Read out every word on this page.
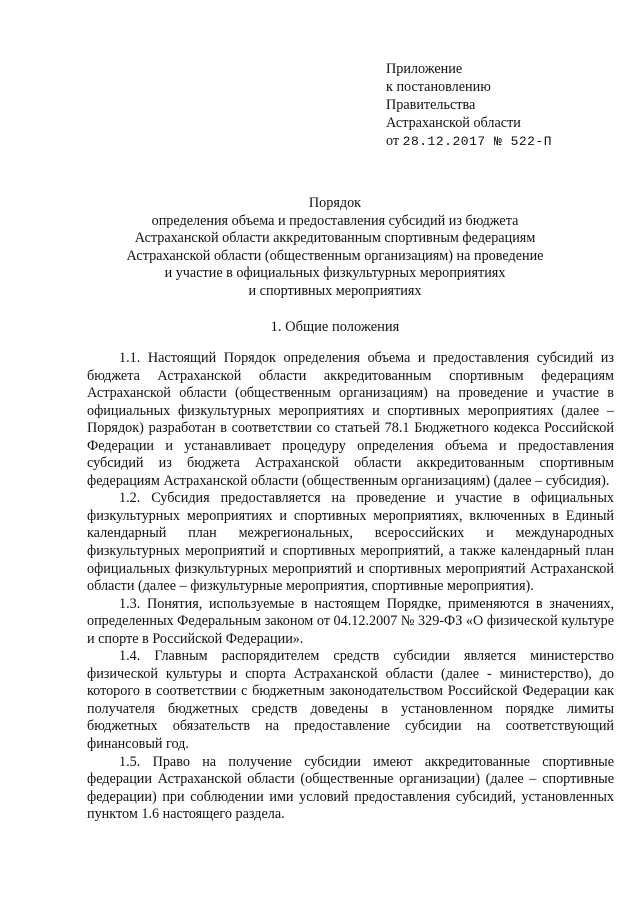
Приложение
к постановлению
Правительства
Астраханской области
от 28.12.2017 № 522-П
Порядок
определения объема и предоставления субсидий из бюджета
Астраханской области аккредитованным спортивным федерациям
Астраханской области (общественным организациям) на проведение
и участие в официальных физкультурных мероприятиях
и спортивных мероприятиях
1. Общие положения

1.1. Настоящий Порядок определения объема и предоставления субсидий из бюджета Астраханской области аккредитованным спортивным федерациям Астраханской области (общественным организациям) на проведение и участие в официальных физкультурных мероприятиях и спортивных мероприятиях (далее – Порядок) разработан в соответствии со статьей 78.1 Бюджетного кодекса Российской Федерации и устанавливает процедуру определения объема и предоставления субсидий из бюджета Астраханской области аккредитованным спортивным федерациям Астраханской области (общественным организациям) (далее – субсидия).

1.2. Субсидия предоставляется на проведение и участие в официальных физкультурных мероприятиях и спортивных мероприятиях, включенных в Единый календарный план межрегиональных, всероссийских и международных физкультурных мероприятий и спортивных мероприятий, а также календарный план официальных физкультурных мероприятий и спортивных мероприятий Астраханской области (далее – физкультурные мероприятия, спортивные мероприятия).

1.3. Понятия, используемые в настоящем Порядке, применяются в значениях, определенных Федеральным законом от 04.12.2007 № 329-ФЗ «О физической культуре и спорте в Российской Федерации».

1.4. Главным распорядителем средств субсидии является министерство физической культуры и спорта Астраханской области (далее - министерство), до которого в соответствии с бюджетным законодательством Российской Федерации как получателя бюджетных средств доведены в установленном порядке лимиты бюджетных обязательств на предоставление субсидии на соответствующий финансовый год.

1.5. Право на получение субсидии имеют аккредитованные спортивные федерации Астраханской области (общественные организации) (далее – спортивные федерации) при соблюдении ими условий предоставления субсидий, установленных пунктом 1.6 настоящего раздела.
